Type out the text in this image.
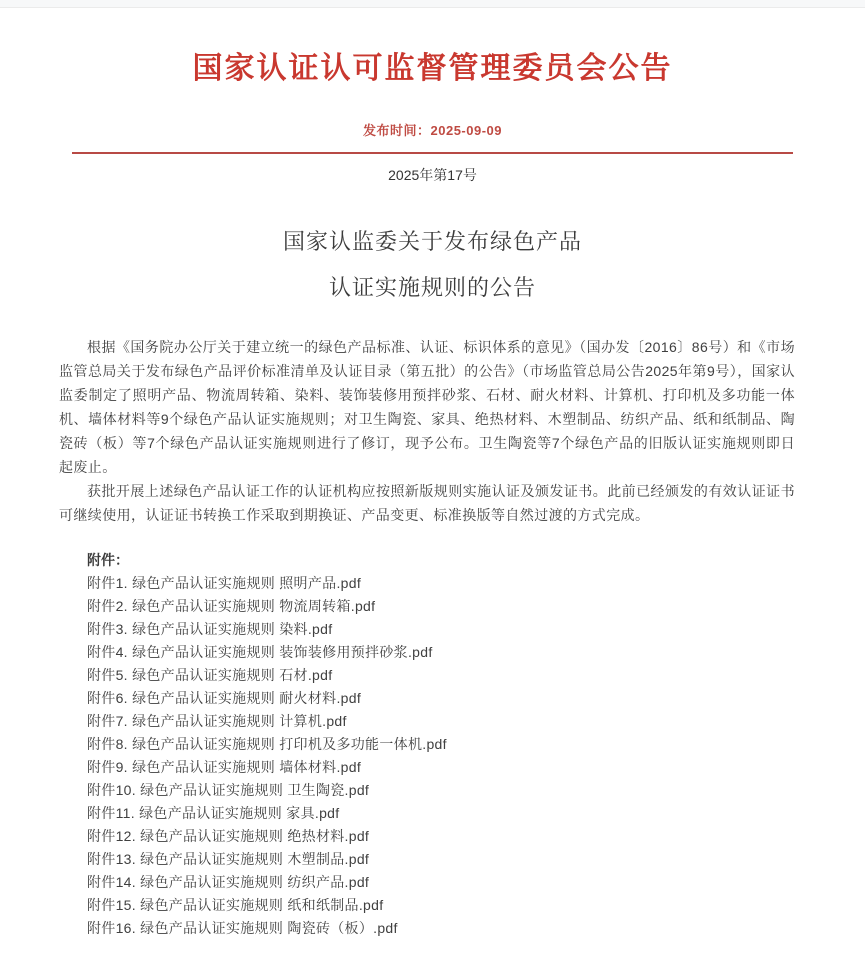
国家认证认可监督管理委员会公告
发布时间：2025-09-09
2025年第17号
国家认监委关于发布绿色产品
认证实施规则的公告

根据《国务院办公厅关于建立统一的绿色产品标准、认证、标识体系的意见》（国办发〔2016〕86号）和《市场监管总局关于发布绿色产品评价标准清单及认证目录（第五批）的公告》（市场监管总局公告2025年第9号），国家认监委制定了照明产品、物流周转箱、染料、装饰装修用预拌砂浆、石材、耐火材料、计算机、打印机及多功能一体机、墙体材料等9个绿色产品认证实施规则；对卫生陶瓷、家具、绝热材料、木塑制品、纺织产品、纸和纸制品、陶瓷砖（板）等7个绿色产品认证实施规则进行了修订，现予公布。卫生陶瓷等7个绿色产品的旧版认证实施规则即日起废止。

获批开展上述绿色产品认证工作的认证机构应按照新版规则实施认证及颁发证书。此前已经颁发的有效认证证书可继续使用，认证证书转换工作采取到期换证、产品变更、标准换版等自然过渡的方式完成。

附件：
附件1. 绿色产品认证实施规则 照明产品.pdf
附件2. 绿色产品认证实施规则 物流周转箱.pdf
附件3. 绿色产品认证实施规则 染料.pdf
附件4. 绿色产品认证实施规则 装饰装修用预拌砂浆.pdf
附件5. 绿色产品认证实施规则 石材.pdf
附件6. 绿色产品认证实施规则 耐火材料.pdf
附件7. 绿色产品认证实施规则 计算机.pdf
附件8. 绿色产品认证实施规则 打印机及多功能一体机.pdf
附件9. 绿色产品认证实施规则 墙体材料.pdf
附件10. 绿色产品认证实施规则 卫生陶瓷.pdf
附件11. 绿色产品认证实施规则 家具.pdf
附件12. 绿色产品认证实施规则 绝热材料.pdf
附件13. 绿色产品认证实施规则 木塑制品.pdf
附件14. 绿色产品认证实施规则 纺织产品.pdf
附件15. 绿色产品认证实施规则 纸和纸制品.pdf
附件16. 绿色产品认证实施规则 陶瓷砖（板）.pdf
